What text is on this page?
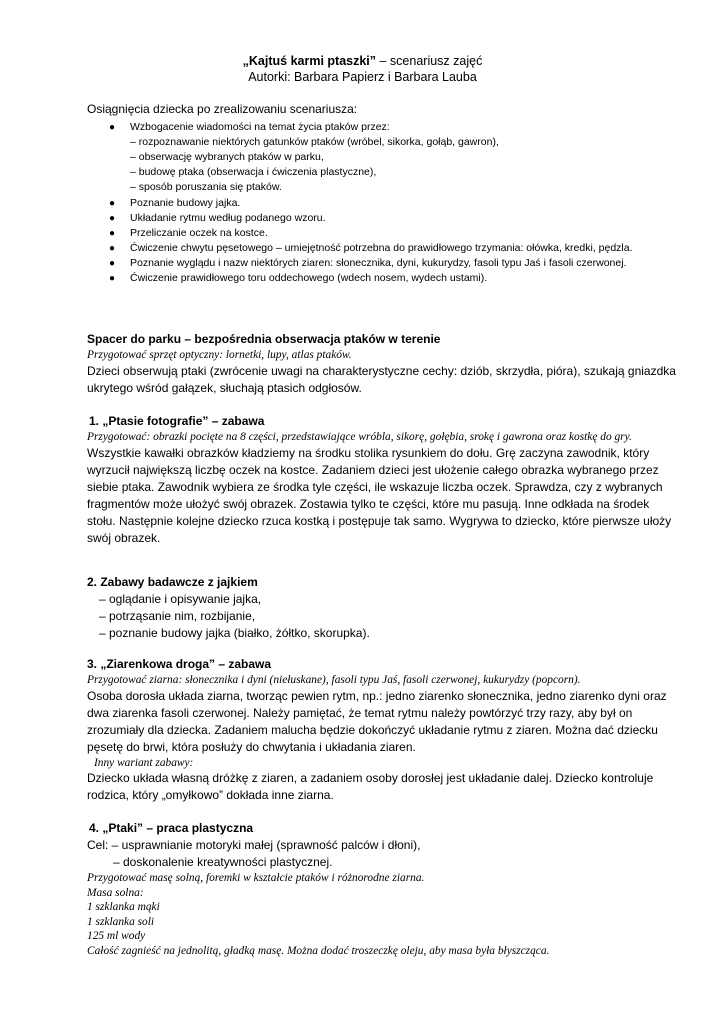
„Kajtuś karmi ptaszki” – scenariusz zajęć
Autorki: Barbara Papierz i Barbara Lauba
Osiągnięcia dziecka po zrealizowaniu scenariusza:
● Wzbogacenie wiadomości na temat życia ptaków przez:
– rozpoznawanie niektórych gatunków ptaków (wróbel, sikorka, gołąb, gawron),
– obserwację wybranych ptaków w parku,
– budowę ptaka (obserwacja i ćwiczenia plastyczne),
– sposób poruszania się ptaków.
● Poznanie budowy jajka.
● Układanie rytmu według podanego wzoru.
● Przeliczanie oczek na kostce.
● Ćwiczenie chwytu pęsetowego – umiejętność potrzebna do prawidłowego trzymania: ołówka, kredki, pędzla.
● Poznanie wyglądu i nazw niektórych ziaren: słonecznika, dyni, kukurydzy, fasoli typu Jaś i fasoli czerwonej.
● Ćwiczenie prawidłowego toru oddechowego (wdech nosem, wydech ustami).
Spacer do parku – bezpośrednia obserwacja ptaków w terenie
Przygotować sprzęt optyczny: lornetki, lupy, atlas ptaków.
Dzieci obserwują ptaki (zwrócenie uwagi na charakterystyczne cechy: dziób, skrzydła, pióra), szukają gniazdka ukrytego wśród gałązek, słuchają ptasich odgłosów.
1. „Ptasie fotografie” – zabawa
Przygotować: obrazki pocięte na 8 części, przedstawiające wróbla, sikorę, gołębia, srokę i gawrona oraz kostkę do gry.
Wszystkie kawałki obrazków kładziemy na środku stolika rysunkiem do dołu. Grę zaczyna zawodnik, który wyrzucił największą liczbę oczek na kostce. Zadaniem dzieci jest ułożenie całego obrazka wybranego przez siebie ptaka. Zawodnik wybiera ze środka tyle części, ile wskazuje liczba oczek. Sprawdza, czy z wybranych fragmentów może ułożyć swój obrazek. Zostawia tylko te części, które mu pasują. Inne odkłada na środek stołu. Następnie kolejne dziecko rzuca kostką i postępuje tak samo. Wygrywa to dziecko, które pierwsze ułoży swój obrazek.
2. Zabawy badawcze z jajkiem
– oglądanie i opisywanie jajka,
– potrząsanie nim, rozbijanie,
– poznanie budowy jajka (białko, żółtko, skorupka).
3. „Ziarenkowa droga” – zabawa
Przygotować ziarna: słonecznika i dyni (niełuskane), fasoli typu Jaś, fasoli czerwonej, kukurydzy (popcorn).
Osoba dorosła układa ziarna, tworząc pewien rytm, np.: jedno ziarenko słonecznika, jedno ziarenko dyni oraz dwa ziarenka fasoli czerwonej. Należy pamiętać, że temat rytmu należy powtórzyć trzy razy, aby był on zrozumiały dla dziecka. Zadaniem malucha będzie dokończyć układanie rytmu z ziaren. Można dać dziecku pęsetę do brwi, która posłuży do chwytania i układania ziaren.
Inny wariant zabawy:
Dziecko układa własną dróżkę z ziaren, a zadaniem osoby dorosłej jest układanie dalej. Dziecko kontroluje rodzica, który „omyłkowo” dokłada inne ziarna.
4. „Ptaki” – praca plastyczna
Cel: – usprawnianie motoryki małej (sprawność palców i dłoni),
– doskonalenie kreatywności plastycznej.
Przygotować masę solną, foremki w kształcie ptaków i różnorodne ziarna.
Masa solna:
1 szklanka mąki
1 szklanka soli
125 ml wody
Całość zagnieść na jednolitą, gładką masę. Można dodać troszeczkę oleju, aby masa była błyszcząca.
